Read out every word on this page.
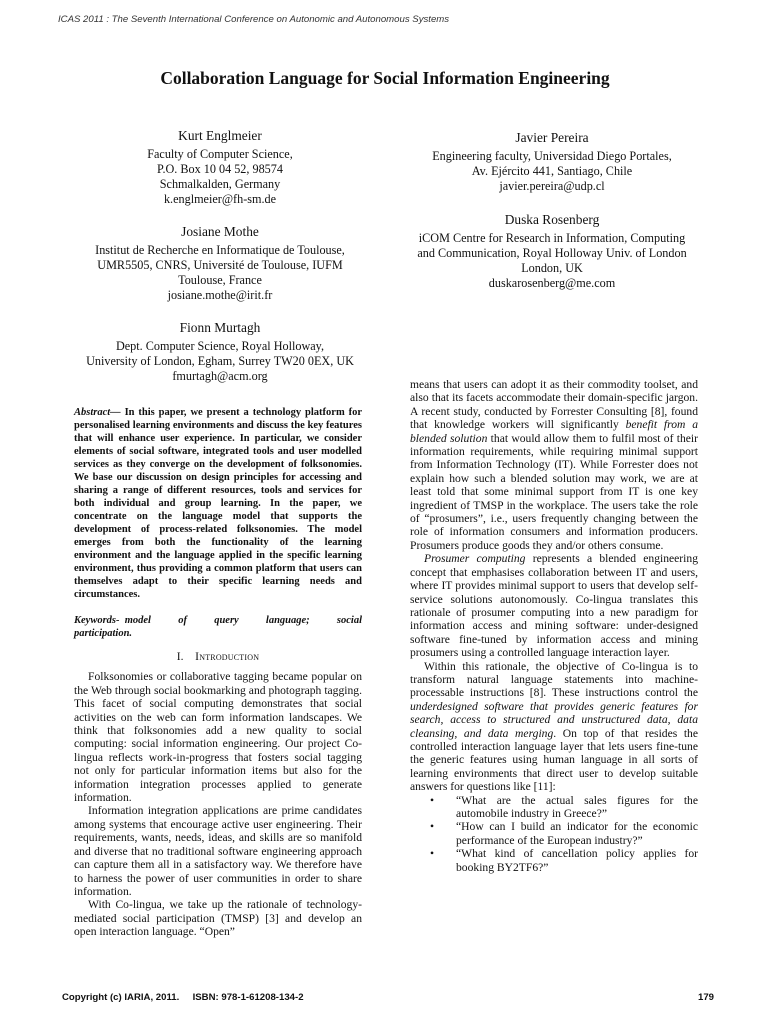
ICAS 2011 : The Seventh International Conference on Autonomic and Autonomous Systems
Collaboration Language for Social Information Engineering
Kurt Englmeier
Faculty of Computer Science,
P.O. Box 10 04 52, 98574
Schmalkalden, Germany
k.englmeier@fh-sm.de
Josiane Mothe
Institut de Recherche en Informatique de Toulouse,
UMR5505, CNRS, Université de Toulouse, IUFM
Toulouse, France
josiane.mothe@irit.fr
Fionn Murtagh
Dept. Computer Science, Royal Holloway,
University of London, Egham, Surrey TW20 0EX, UK
fmurtagh@acm.org
Javier Pereira
Engineering faculty, Universidad Diego Portales,
Av. Ejército 441, Santiago, Chile
javier.pereira@udp.cl
Duska Rosenberg
iCOM Centre for Research in Information, Computing
and Communication, Royal Holloway Univ. of London
London, UK
duskarosenberg@me.com
Abstract— In this paper, we present a technology platform for personalised learning environments and discuss the key features that will enhance user experience. In particular, we consider elements of social software, integrated tools and user modelled services as they converge on the development of folksonomies. We base our discussion on design principles for accessing and sharing a range of different resources, tools and services for both individual and group learning. In the paper, we concentrate on the language model that supports the development of process-related folksonomies. The model emerges from both the functionality of the learning environment and the language applied in the specific learning environment, thus providing a common platform that users can themselves adapt to their specific learning needs and circumstances.
Keywords- model of query language; social participation.
I. Introduction

Folksonomies or collaborative tagging became popular on the Web through social bookmarking and photograph tagging. This facet of social computing demonstrates that social activities on the web can form information landscapes. We think that folksonomies add a new quality to social computing: social information engineering. Our project Co-lingua reflects work-in-progress that fosters social tagging not only for particular information items but also for the information integration processes applied to generate information.

Information integration applications are prime candidates among systems that encourage active user engineering. Their requirements, wants, needs, ideas, and skills are so manifold and diverse that no traditional software engineering approach can capture them all in a satisfactory way. We therefore have to harness the power of user communities in order to share information.

With Co-lingua, we take up the rationale of technology-mediated social participation (TMSP) [3] and develop an open interaction language. “Open”

means that users can adopt it as their commodity toolset, and also that its facets accommodate their domain-specific jargon. A recent study, conducted by Forrester Consulting [8], found that knowledge workers will significantly benefit from a blended solution that would allow them to fulfil most of their information requirements, while requiring minimal support from Information Technology (IT). While Forrester does not explain how such a blended solution may work, we are at least told that some minimal support from IT is one key ingredient of TMSP in the workplace. The users take the role of “prosumers”, i.e., users frequently changing between the role of information consumers and information producers. Prosumers produce goods they and/or others consume.

Prosumer computing represents a blended engineering concept that emphasises collaboration between IT and users, where IT provides minimal support to users that develop self-service solutions autonomously. Co-lingua translates this rationale of prosumer computing into a new paradigm for information access and mining software: under-designed software fine-tuned by information access and mining prosumers using a controlled language interaction layer.

Within this rationale, the objective of Co-lingua is to transform natural language statements into machine-processable instructions [8]. These instructions control the underdesigned software that provides generic features for search, access to structured and unstructured data, data cleansing, and data merging. On top of that resides the controlled interaction language layer that lets users fine-tune the generic features using human language in all sorts of learning environments that direct user to develop suitable answers for questions like [11]:

• “What are the actual sales figures for the automobile industry in Greece?”
• “How can I build an indicator for the economic performance of the European industry?”
• “What kind of cancellation policy applies for booking BY2TF6?”
Copyright (c) IARIA, 2011.     ISBN: 978-1-61208-134-2	179
